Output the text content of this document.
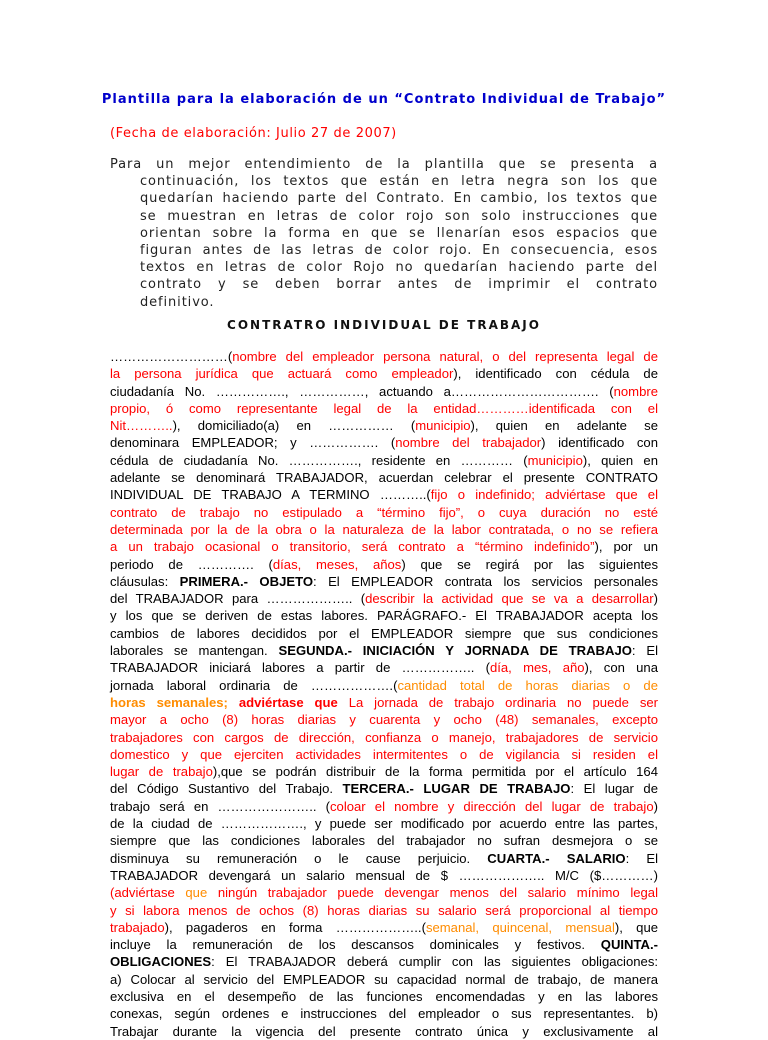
Plantilla para la elaboración de un “Contrato Individual de Trabajo”

(Fecha de elaboración: Julio 27 de 2007)

Para un mejor entendimiento de la plantilla que se presenta a
continuación, los textos que están en letra negra son los que
quedarían haciendo parte del Contrato. En cambio, los textos que
se muestran en letras de color rojo son solo instrucciones que
orientan sobre la forma en que se llenarían esos espacios que
figuran antes de las letras de color rojo. En consecuencia, esos
textos en letras de color Rojo no quedarían haciendo parte del
contrato y se deben borrar antes de imprimir el contrato
definitivo.

CONTRATRO INDIVIDUAL DE TRABAJO

………………………(nombre del empleador persona natural, o del representa legal de
la persona jurídica que actuará como empleador), identificado con cédula de
ciudadanía No. ……………., ……………, actuando a……………………………. (nombre
propio, ó como representante legal de la entidad…………identificada con el
Nit………..), domiciliado(a) en …………… (municipio), quien en adelante se
denominara EMPLEADOR; y ……………. (nombre del trabajador) identificado con
cédula de ciudadanía No. ……………., residente en ………… (municipio), quien en
adelante se denominará TRABAJADOR, acuerdan celebrar el presente CONTRATO
INDIVIDUAL DE TRABAJO A TERMINO ………..(fijo o indefinido; adviértase que el
contrato de trabajo no estipulado a “término fijo”, o cuya duración no esté
determinada por la de la obra o la naturaleza de la labor contratada, o no se refiera
a un trabajo ocasional o transitorio, será contrato a “término indefinido”), por un
periodo de …………. (días, meses, años) que se regirá por las siguientes
cláusulas: PRIMERA.- OBJETO: El EMPLEADOR contrata los servicios personales
del TRABAJADOR para ……………….. (describir la actividad que se va a desarrollar)
y los que se deriven de estas labores. PARÁGRAFO.- El TRABAJADOR acepta los
cambios de labores decididos por el EMPLEADOR siempre que sus condiciones
laborales se mantengan. SEGUNDA.- INICIACIÓN Y JORNADA DE TRABAJO: El
TRABAJADOR iniciará labores a partir de …………….. (día, mes, año), con una
jornada laboral ordinaria de ……………….(cantidad total de horas diarias o de
horas semanales; adviértase que La jornada de trabajo ordinaria no puede ser
mayor a ocho (8) horas diarias y cuarenta y ocho (48) semanales, excepto
trabajadores con cargos de dirección, confianza o manejo, trabajadores de servicio
domestico y que ejerciten actividades intermitentes o de vigilancia si residen el
lugar de trabajo),que se podrán distribuir de la forma permitida por el artículo 164
del Código Sustantivo del Trabajo. TERCERA.- LUGAR DE TRABAJO: El lugar de
trabajo será en ………………….. (coloar el nombre y dirección del lugar de trabajo)
de la ciudad de ………………., y puede ser modificado por acuerdo entre las partes,
siempre que las condiciones laborales del trabajador no sufran desmejora o se
disminuya su remuneración o le cause perjuicio. CUARTA.- SALARIO: El
TRABAJADOR devengará un salario mensual de $ ……………….. M/C ($…………)
(adviértase que ningún trabajador puede devengar menos del salario mínimo legal
y si labora menos de ochos (8) horas diarias su salario será proporcional al tiempo
trabajado), pagaderos en forma ………………..(semanal, quincenal, mensual), que
incluye la remuneración de los descansos dominicales y festivos. QUINTA.-
OBLIGACIONES: El TRABAJADOR deberá cumplir con las siguientes obligaciones:
a) Colocar al servicio del EMPLEADOR su capacidad normal de trabajo, de manera
exclusiva en el desempeño de las funciones encomendadas y en las labores
conexas, según ordenes e instrucciones del empleador o sus representantes. b)
Trabajar durante la vigencia del presente contrato única y exclusivamente al
